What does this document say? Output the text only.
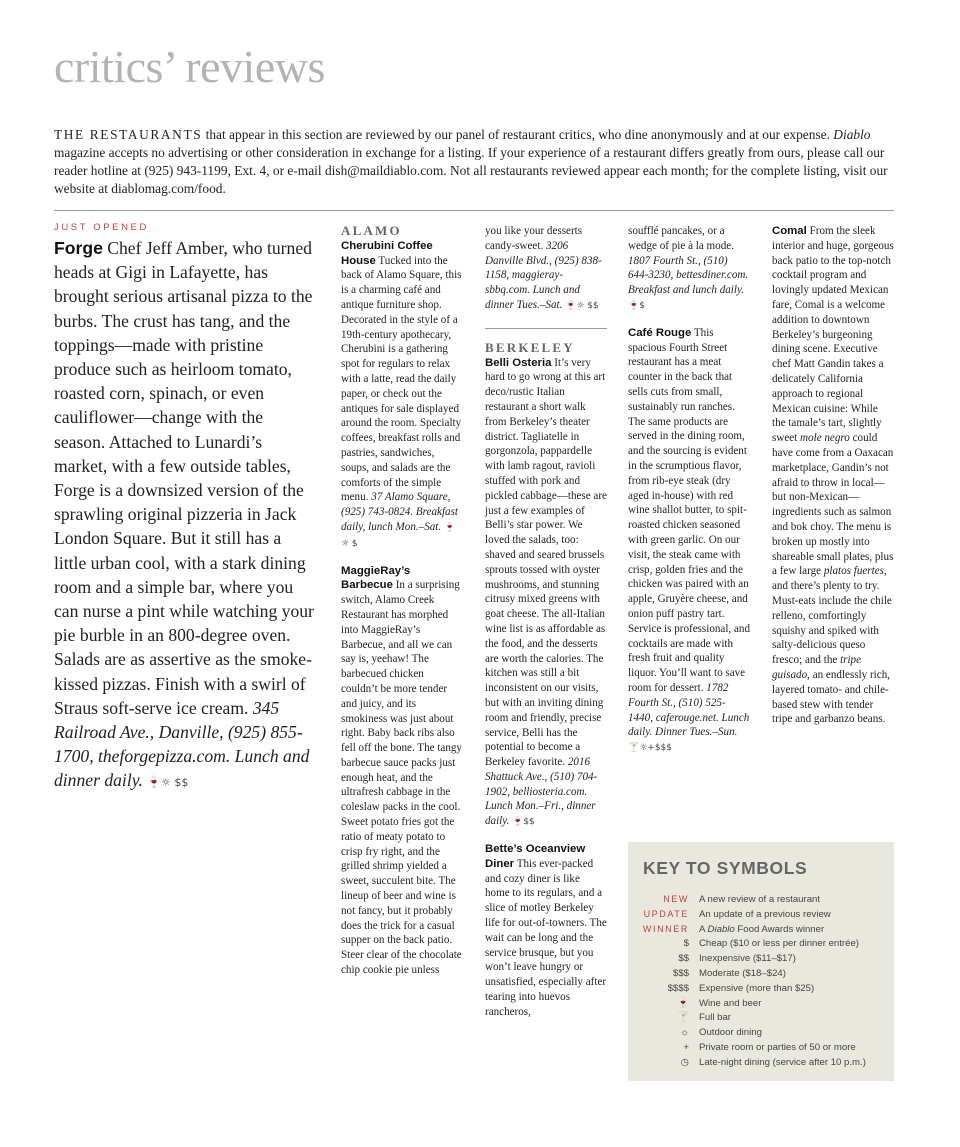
critics’ reviews
THE RESTAURANTS that appear in this section are reviewed by our panel of restaurant critics, who dine anonymously and at our expense. Diablo magazine accepts no advertising or other consideration in exchange for a listing. If your experience of a restaurant differs greatly from ours, please call our reader hotline at (925) 943-1199, Ext. 4, or e-mail dish@maildiablo.com. Not all restaurants reviewed appear each month; for the complete listing, visit our website at diablomag.com/food.
JUST OPENED
Forge Chef Jeff Amber, who turned heads at Gigi in Lafayette, has brought serious artisanal pizza to the burbs. The crust has tang, and the toppings—made with pristine produce such as heirloom tomato, roasted corn, spinach, or even cauliflower—change with the season. Attached to Lunardi’s market, with a few outside tables, Forge is a downsized version of the sprawling original pizzeria in Jack London Square. But it still has a little urban cool, with a stark dining room and a simple bar, where you can nurse a pint while watching your pie burble in an 800-degree oven. Salads are as assertive as the smoke-kissed pizzas. Finish with a swirl of Straus soft-serve ice cream. 345 Railroad Ave., Danville, (925) 855-1700, theforgepizza.com. Lunch and dinner daily. 🍷☼ $$

ALAMO

Cherubini Coffee House Tucked into the back of Alamo Square, this is a charming café and antique furniture shop. Decorated in the style of a 19th-century apothecary, Cherubini is a gathering spot for regulars to relax with a latte, read the daily paper, or check out the antiques for sale displayed around the room. Specialty coffees, breakfast rolls and pastries, sandwiches, soups, and salads are the comforts of the simple menu. 37 Alamo Square, (925) 743-0824. Breakfast daily, lunch Mon.–Sat. 🍷☼ $

MaggieRay’s Barbecue In a surprising switch, Alamo Creek Restaurant has morphed into MaggieRay’s Barbecue, and all we can say is, yeehaw! The barbecued chicken couldn’t be more tender and juicy, and its smokiness was just about right. Baby back ribs also fell off the bone. The tangy barbecue sauce packs just enough heat, and the ultrafresh cabbage in the coleslaw packs in the cool. Sweet potato fries got the ratio of meaty potato to crisp fry right, and the grilled shrimp yielded a sweet, succulent bite. The lineup of beer and wine is not fancy, but it probably does the trick for a casual supper on the back patio. Steer clear of the chocolate chip cookie pie unless

you like your desserts candy-sweet. 3206 Danville Blvd., (925) 838-1158, maggieray-sbbq.com. Lunch and dinner Tues.–Sat. 🍷☼ $$

BERKELEY

Belli Osteria It’s very hard to go wrong at this art deco/rustic Italian restaurant a short walk from Berkeley’s theater district. Tagliatelle in gorgonzola, pappardelle with lamb ragout, ravioli stuffed with pork and pickled cabbage—these are just a few examples of Belli’s star power. We loved the salads, too: shaved and seared brussels sprouts tossed with oyster mushrooms, and stunning citrusy mixed greens with goat cheese. The all-Italian wine list is as affordable as the food, and the desserts are worth the calories. The kitchen was still a bit inconsistent on our visits, but with an inviting dining room and friendly, precise service, Belli has the potential to become a Berkeley favorite. 2016 Shattuck Ave., (510) 704-1902, belliosteria.com. Lunch Mon.–Fri., dinner daily. 🍷$$

Bette’s Oceanview Diner This ever-packed and cozy diner is like home to its regulars, and a slice of motley Berkeley life for out-of-towners. The wait can be long and the service brusque, but you won’t leave hungry or unsatisfied, especially after tearing into huevos rancheros,

soufflé pancakes, or a wedge of pie à la mode. 1807 Fourth St., (510) 644-3230, bettesdiner.com. Breakfast and lunch daily. 🍷$

Café Rouge This spacious Fourth Street restaurant has a meat counter in the back that sells cuts from small, sustainably run ranches. The same products are served in the dining room, and the sourcing is evident in the scrumptious flavor, from rib-eye steak (dry aged in-house) with red wine shallot butter, to spit-roasted chicken seasoned with green garlic. On our visit, the steak came with crisp, golden fries and the chicken was paired with an apple, Gruyère cheese, and onion puff pastry tart. Service is professional, and cocktails are made with fresh fruit and quality liquor. You’ll want to save room for dessert. 1782 Fourth St., (510) 525-1440, caferouge.net. Lunch daily. Dinner Tues.–Sun. 🍸☼+$$$

Comal From the sleek interior and huge, gorgeous back patio to the top-notch cocktail program and lovingly updated Mexican fare, Comal is a welcome addition to downtown Berkeley’s burgeoning dining scene. Executive chef Matt Gandin takes a delicately California approach to regional Mexican cuisine: While the tamale’s tart, slightly sweet mole negro could have come from a Oaxacan marketplace, Gandin’s not afraid to throw in local—but non-Mexican—ingredients such as salmon and bok choy. The menu is broken up mostly into shareable small plates, plus a few large platos fuertes, and there’s plenty to try. Must-eats include the chile relleno, comfortingly squishy and spiked with salty-delicious queso fresco; and the tripe guisado, an endlessly rich, layered tomato- and chile-based stew with tender tripe and garbanzo beans.

KEY TO SYMBOLS
NEW A new review of a restaurant
UPDATE An update of a previous review
WINNER A Diablo Food Awards winner
$ Cheap ($10 or less per dinner entrée)
$$ Inexpensive ($11–$17)
$$$ Moderate ($18–$24)
$$$$ Expensive (more than $25)
🍷 Wine and beer
🍸 Full bar
☼ Outdoor dining
+ Private room or parties of 50 or more
◷ Late-night dining (service after 10 p.m.)
